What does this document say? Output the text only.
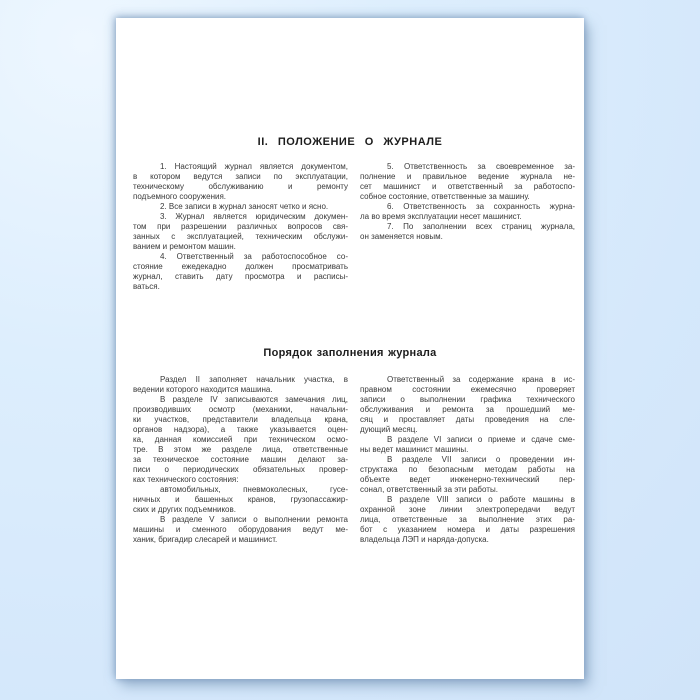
II. ПОЛОЖЕНИЕ О ЖУРНАЛЕ
1. Настоящий журнал является документом,
в котором ведутся записи по эксплуатации,
техническому обслуживанию и ремонту
подъемного сооружения.
2. Все записи в журнал заносят четко и ясно.
3. Журнал является юридическим докумен-
том при разрешении различных вопросов свя-
занных с эксплуатацией, техническим обслужи-
ванием и ремонтом машин.
4. Ответственный за работоспособное со-
стояние ежедекадно должен просматривать
журнал, ставить дату просмотра и расписы-
ваться.
5. Ответственность за своевременное за-
полнение и правильное ведение журнала не-
сет машинист и ответственный за работоспо-
собное состояние, ответственные за машину.
6. Ответственность за сохранность журна-
ла во время эксплуатации несет машинист.
7. По заполнении всех страниц журнала,
он заменяется новым.
Порядок заполнения журнала
Раздел II заполняет начальник участка, в
ведении которого находится машина.
В разделе IV записываются замечания лиц,
производивших осмотр (механики, начальни-
ки участков, представители владельца крана,
органов надзора), а также указывается оцен-
ка, данная комиссией при техническом осмо-
тре. В этом же разделе лица, ответственные
за техническое состояние машин делают за-
писи о периодических обязательных провер-
ках технического состояния:
автомобильных, пневмоколесных, гусе-
ничных и башенных кранов, грузопассажир-
ских и других подъемников.
В разделе V записи о выполнении ремонта
машины и сменного оборудования ведут ме-
ханик, бригадир слесарей и машинист.
Ответственный за содержание крана в ис-
правном состоянии ежемесячно проверяет
записи о выполнении графика технического
обслуживания и ремонта за прошедший ме-
сяц и проставляет даты проведения на сле-
дующий месяц.
В разделе VI записи о приеме и сдаче сме-
ны ведет машинист машины.
В разделе VII записи о проведении ин-
структажа по безопасным методам работы на
объекте ведет инженерно-технический пер-
сонал, ответственный за эти работы.
В разделе VIII записи о работе машины в
охранной зоне линии электропередачи ведут
лица, ответственные за выполнение этих ра-
бот с указанием номера и даты разрешения
владельца ЛЭП и наряда-допуска.
